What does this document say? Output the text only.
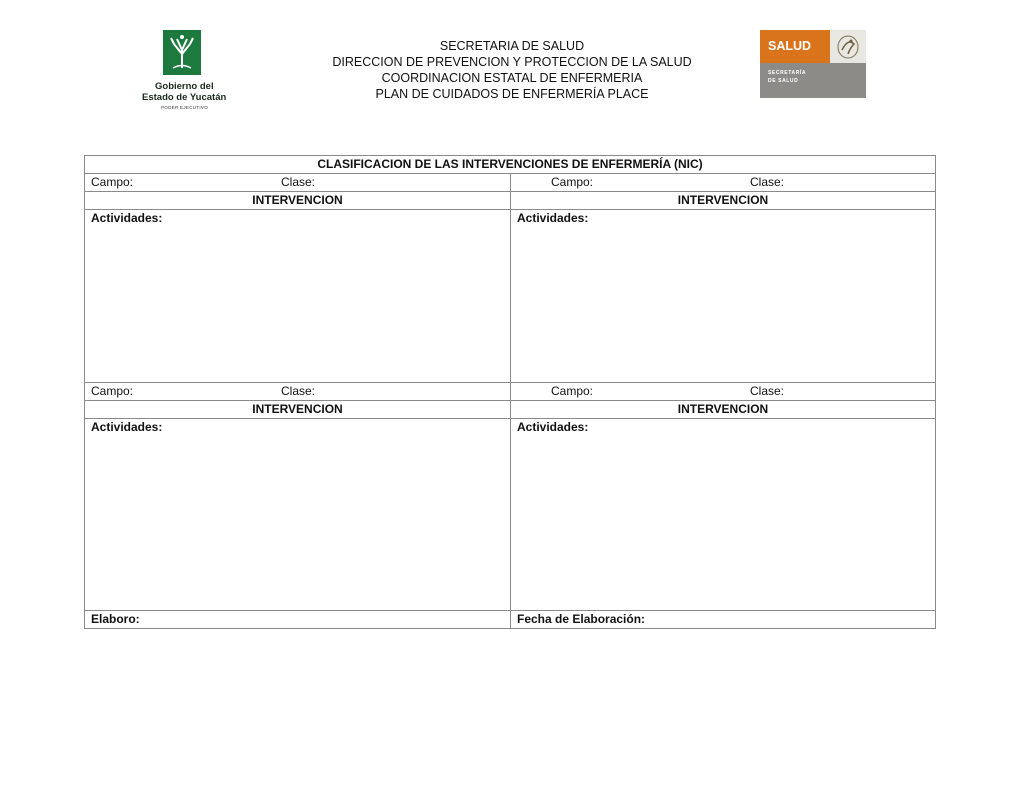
Gobierno del
Estado de Yucatán
PODER EJECUTIVO
SECRETARIA DE SALUD
DIRECCION DE PREVENCION Y PROTECCION DE LA SALUD
COORDINACION ESTATAL DE ENFERMERIA
PLAN DE CUIDADOS DE ENFERMERÍA PLACE
SALUD
SECRETARÍA
DE SALUD
CLASIFICACION DE LAS INTERVENCIONES DE ENFERMERÍA (NIC)	

Campo: Clase:	Campo: Clase:

INTERVENCION	INTERVENCION
Actividades:	Actividades:

Campo: Clase:	Campo: Clase:

INTERVENCION	INTERVENCION
Actividades:	Actividades:
Elaboro:	Fecha de Elaboración:
